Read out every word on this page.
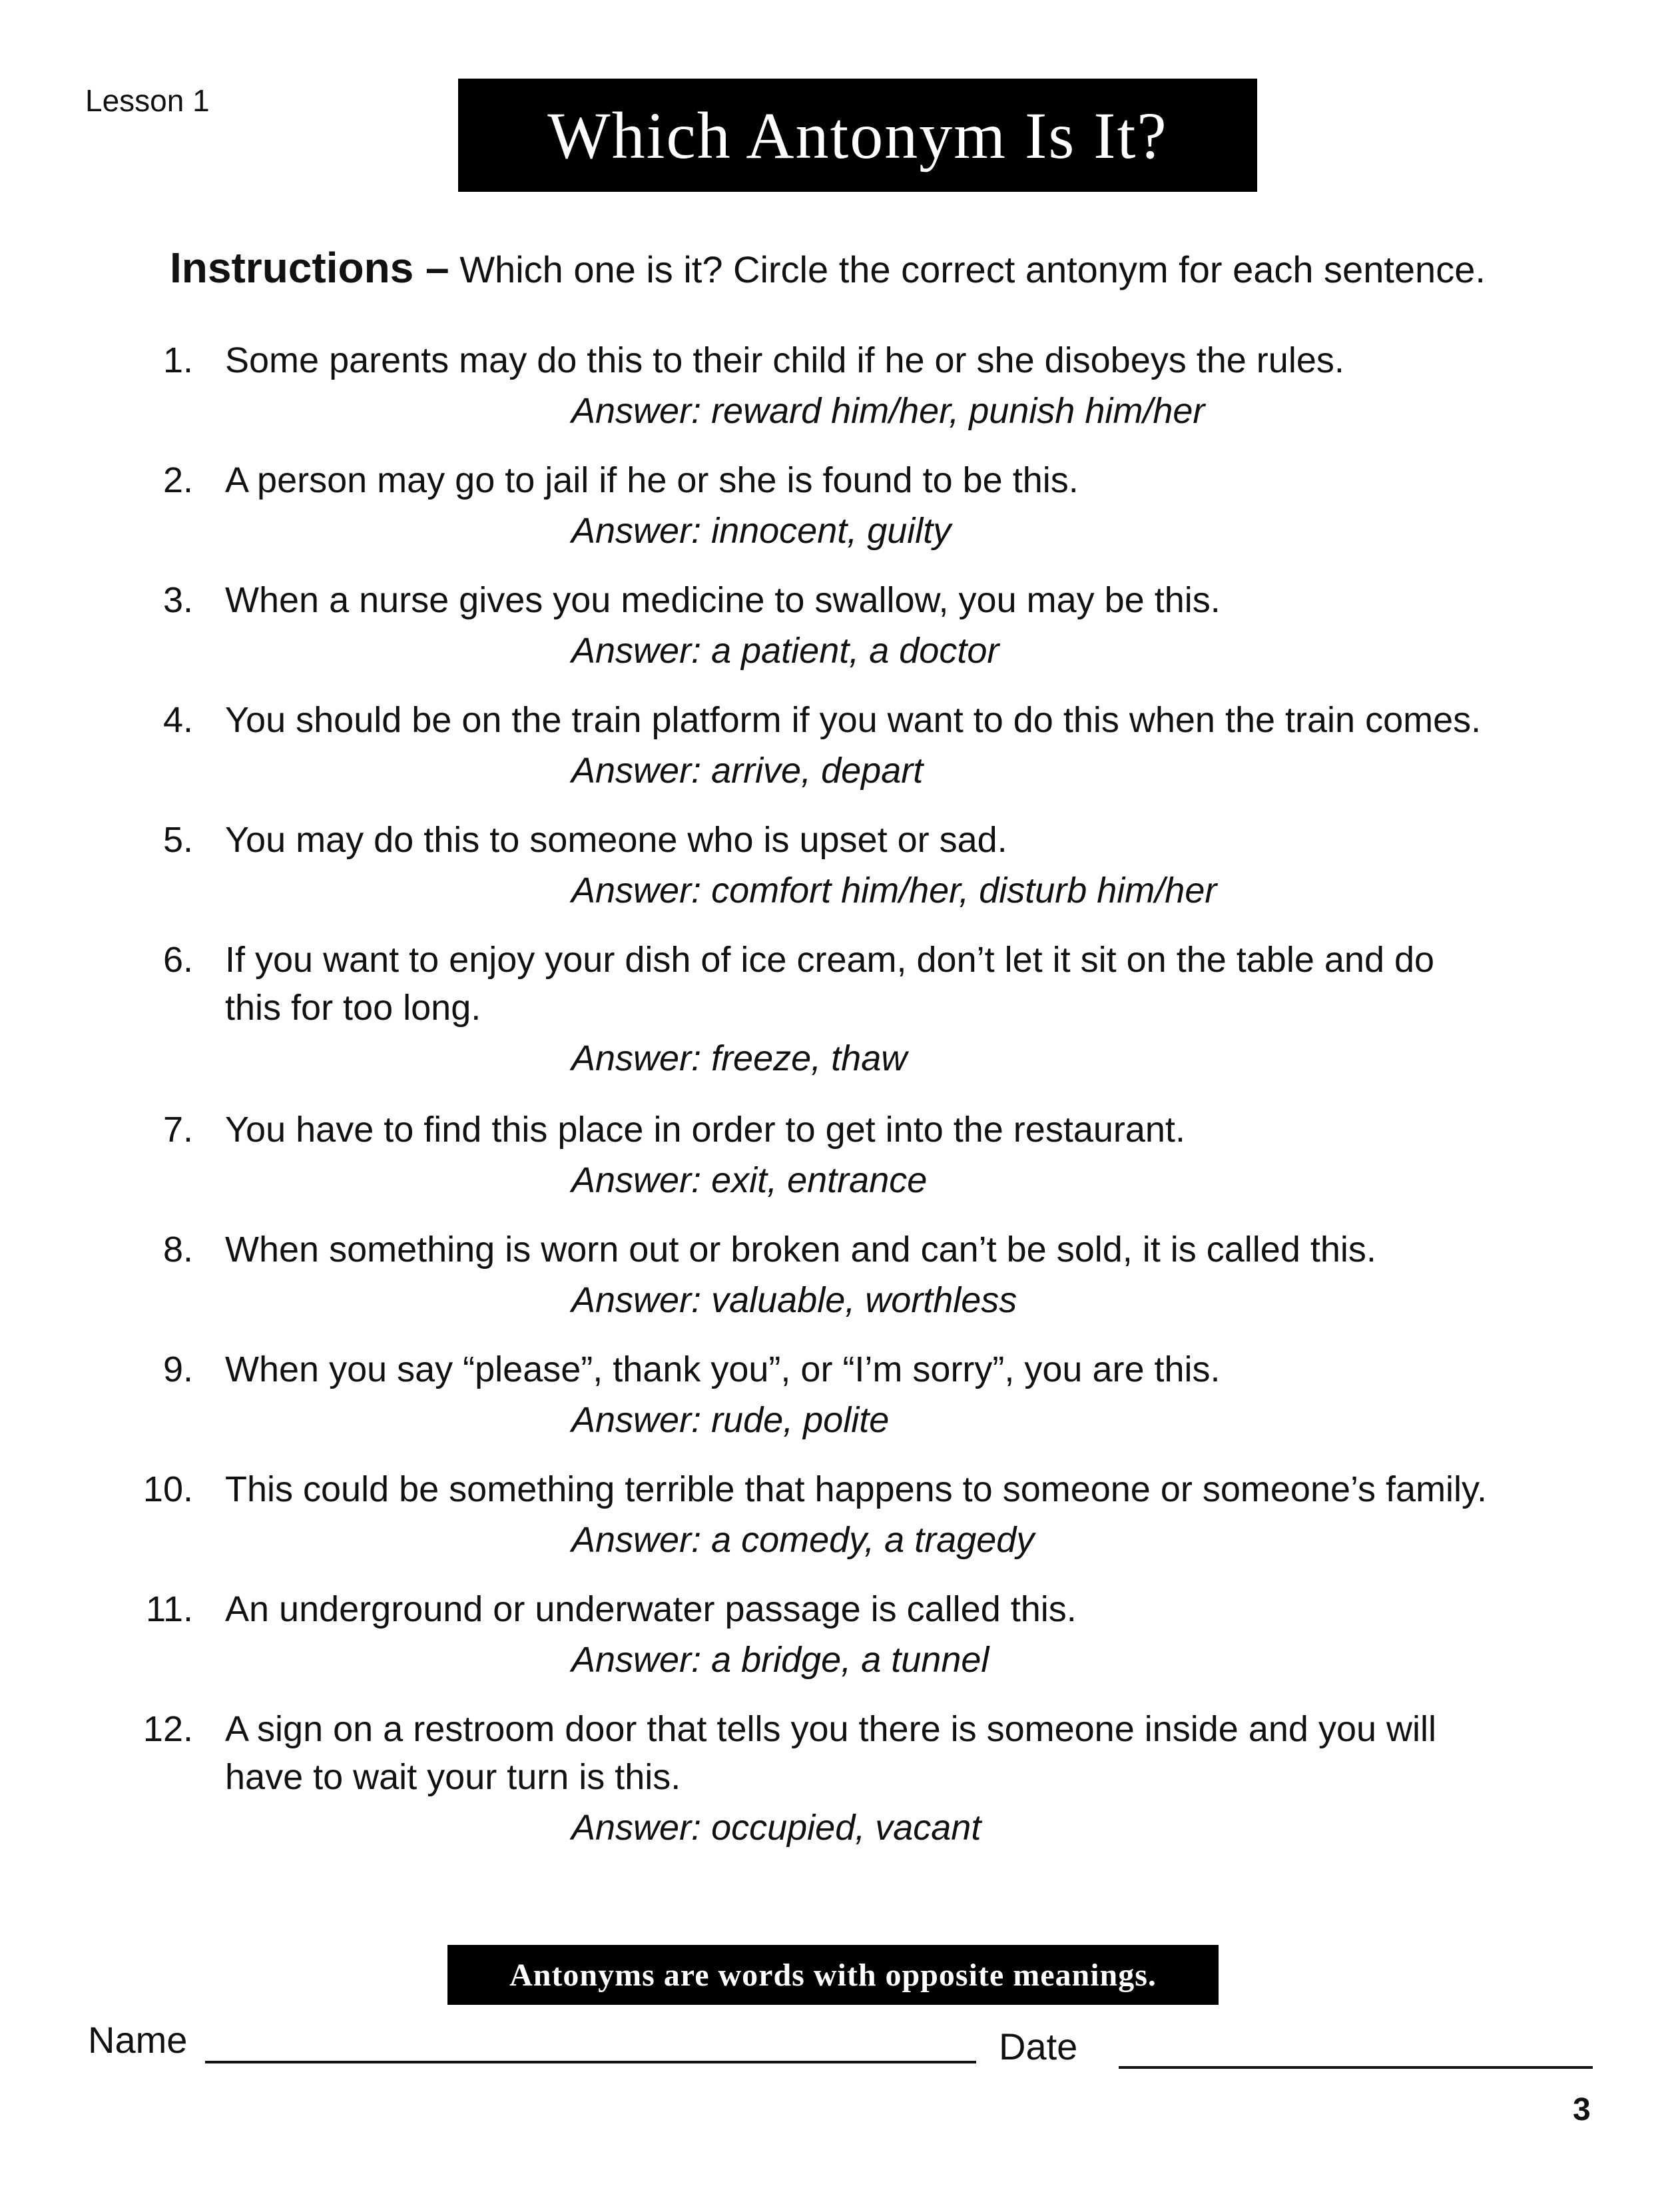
Lesson 1	Which Antonym Is It?
Instructions – Which one is it? Circle the correct antonym for each sentence.
1. Some parents may do this to their child if he or she disobeys the rules.
Answer: reward him/her, punish him/her
2. A person may go to jail if he or she is found to be this.
Answer: innocent, guilty
3. When a nurse gives you medicine to swallow, you may be this.
Answer: a patient, a doctor
4. You should be on the train platform if you want to do this when the train comes.
Answer: arrive, depart
5. You may do this to someone who is upset or sad.
Answer: comfort him/her, disturb him/her
6. If you want to enjoy your dish of ice cream, don’t let it sit on the table and do
this for too long.
Answer: freeze, thaw
7. You have to find this place in order to get into the restaurant.
Answer: exit, entrance
8. When something is worn out or broken and can’t be sold, it is called this.
Answer: valuable, worthless
9. When you say “please”, thank you”, or “I’m sorry”, you are this.
Answer: rude, polite
10. This could be something terrible that happens to someone or someone’s family.
Answer: a comedy, a tragedy
11. An underground or underwater passage is called this.
Answer: a bridge, a tunnel
12. A sign on a restroom door that tells you there is someone inside and you will
have to wait your turn is this.
Answer: occupied, vacant
Antonyms are words with opposite meanings.
Name	Date
3
